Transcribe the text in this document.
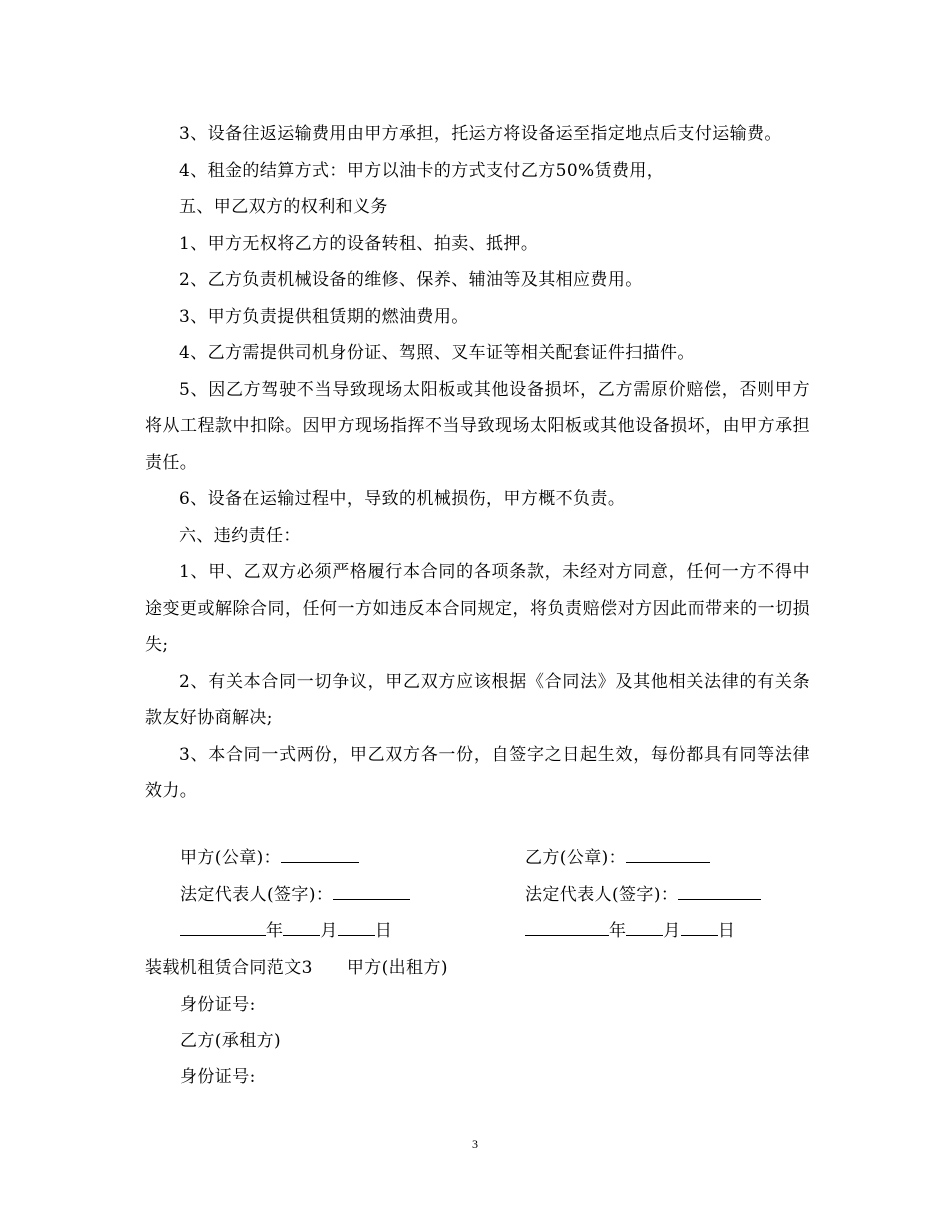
3、设备往返运输费用由甲方承担，托运方将设备运至指定地点后支付运输费。

4、租金的结算方式：甲方以油卡的方式支付乙方50%赁费用，

五、甲乙双方的权利和义务

1、甲方无权将乙方的设备转租、拍卖、抵押。

2、乙方负责机械设备的维修、保养、辅油等及其相应费用。

3、甲方负责提供租赁期的燃油费用。

4、乙方需提供司机身份证、驾照、叉车证等相关配套证件扫描件。

5、因乙方驾驶不当导致现场太阳板或其他设备损坏，乙方需原价赔偿，否则甲方将从工程款中扣除。因甲方现场指挥不当导致现场太阳板或其他设备损坏，由甲方承担责任。

6、设备在运输过程中，导致的机械损伤，甲方概不负责。

六、违约责任：

1、甲、乙双方必须严格履行本合同的各项条款，未经对方同意，任何一方不得中途变更或解除合同，任何一方如违反本合同规定，将负责赔偿对方因此而带来的一切损失;

2、有关本合同一切争议，甲乙双方应该根据《合同法》及其他相关法律的有关条款友好协商解决;

3、本合同一式两份，甲乙双方各一份，自签字之日起生效，每份都具有同等法律效力。

甲方(公章)：	乙方(公章)：
法定代表人(签字)：	法定代表人(签字)：
年 月 日	年 月 日
装载机租赁合同范文3 甲方(出租方)
身份证号:
乙方(承租方)
身份证号:
3
